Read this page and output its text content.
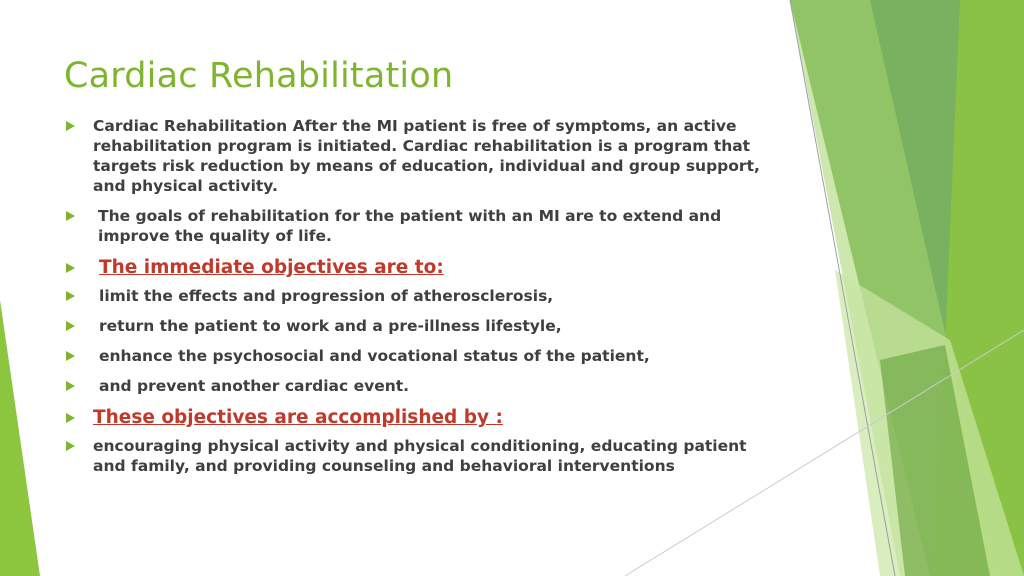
Cardiac Rehabilitation
Cardiac Rehabilitation After the MI patient is free of symptoms, an active rehabilitation program is initiated. Cardiac rehabilitation is a program that targets risk reduction by means of education, individual and group support, and physical activity.
The goals of rehabilitation for the patient with an MI are to extend and improve the quality of life.
The immediate objectives are to:
limit the effects and progression of atherosclerosis,
return the patient to work and a pre-illness lifestyle,
enhance the psychosocial and vocational status of the patient,
and prevent another cardiac event.
These objectives are accomplished by :
encouraging physical activity and physical conditioning, educating patient and family, and providing counseling and behavioral interventions
